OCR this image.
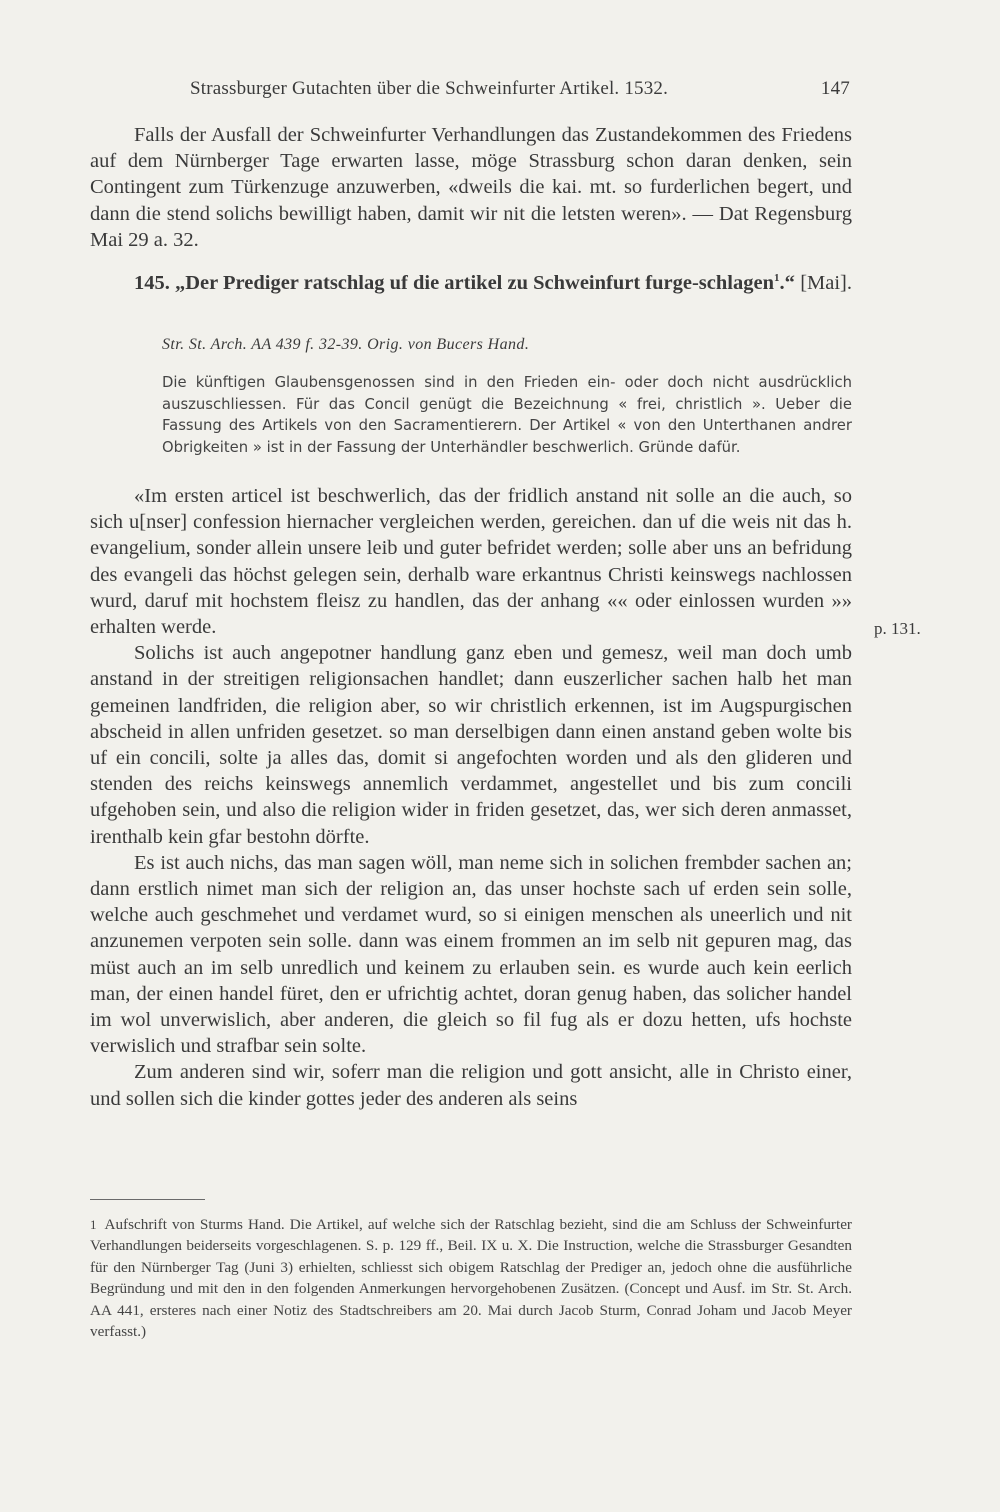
Strassburger Gutachten über die Schweinfurter Artikel. 1532.	147

Falls der Ausfall der Schweinfurter Verhandlungen das Zustandekommen des Friedens auf dem Nürnberger Tage erwarten lasse, möge Strassburg schon daran denken, sein Contingent zum Türkenzuge anzuwerben, «dweils die kai. mt. so furderlichen begert, und dann die stend solichs bewilligt haben, damit wir nit die letsten weren». — Dat Regensburg Mai 29 a. 32.

145. „Der Prediger ratschlag uf die artikel zu Schweinfurt furge-schlagen$^1$.“ [Mai].

Str. St. Arch. AA 439 f. 32-39. Orig. von Bucers Hand.

Die künftigen Glaubensgenossen sind in den Frieden ein- oder doch nicht ausdrücklich auszuschliessen. Für das Concil genügt die Bezeichnung « frei, christlich ». Ueber die Fassung des Artikels von den Sacramentierern. Der Artikel « von den Unterthanen andrer Obrigkeiten » ist in der Fassung der Unterhändler beschwerlich. Gründe dafür.

«Im ersten articel ist beschwerlich, das der fridlich anstand nit solle an die auch, so sich u[nser] confession hiernacher vergleichen werden, gereichen. dan uf die weis nit das h. evangelium, sonder allein unsere leib und guter befridet werden; solle aber uns an befridung des evangeli das höchst gelegen sein, derhalb ware erkantnus Christi keinswegs nachlossen wurd, daruf mit hochstem fleisz zu handlen, das der anhang «« oder einlossen wurden »» erhalten werde.

Solichs ist auch angepotner handlung ganz eben und gemesz, weil man doch umb anstand in der streitigen religionsachen handlet; dann euszerlicher sachen halb het man gemeinen landfriden, die religion aber, so wir christlich erkennen, ist im Augspurgischen abscheid in allen unfriden gesetzet. so man derselbigen dann einen anstand geben wolte bis uf ein concili, solte ja alles das, domit si angefochten worden und als den glideren und stenden des reichs keinswegs annemlich verdammet, angestellet und bis zum concili ufgehoben sein, und also die religion wider in friden gesetzet, das, wer sich deren anmasset, irenthalb kein gfar bestohn dörfte.

Es ist auch nichs, das man sagen wöll, man neme sich in solichen frembder sachen an; dann erstlich nimet man sich der religion an, das unser hochste sach uf erden sein solle, welche auch geschmehet und verdamet wurd, so si einigen menschen als uneerlich und nit anzunemen verpoten sein solle. dann was einem frommen an im selb nit gepuren mag, das müst auch an im selb unredlich und keinem zu erlauben sein. es wurde auch kein eerlich man, der einen handel füret, den er ufrichtig achtet, doran genug haben, das solicher handel im wol unverwislich, aber anderen, die gleich so fil fug als er dozu hetten, ufs hochste verwislich und strafbar sein solte.

Zum anderen sind wir, soferr man die religion und gott ansicht, alle in Christo einer, und sollen sich die kinder gottes jeder des anderen als seins

p. 131.

1 Aufschrift von Sturms Hand. Die Artikel, auf welche sich der Ratschlag bezieht, sind die am Schluss der Schweinfurter Verhandlungen beiderseits vorgeschlagenen. S. p. 129 ff., Beil. IX u. X. Die Instruction, welche die Strassburger Gesandten für den Nürnberger Tag (Juni 3) erhielten, schliesst sich obigem Ratschlag der Prediger an, jedoch ohne die ausführliche Begründung und mit den in den folgenden Anmerkungen hervorgehobenen Zusätzen. (Concept und Ausf. im Str. St. Arch. AA 441, ersteres nach einer Notiz des Stadtschreibers am 20. Mai durch Jacob Sturm, Conrad Joham und Jacob Meyer verfasst.)
